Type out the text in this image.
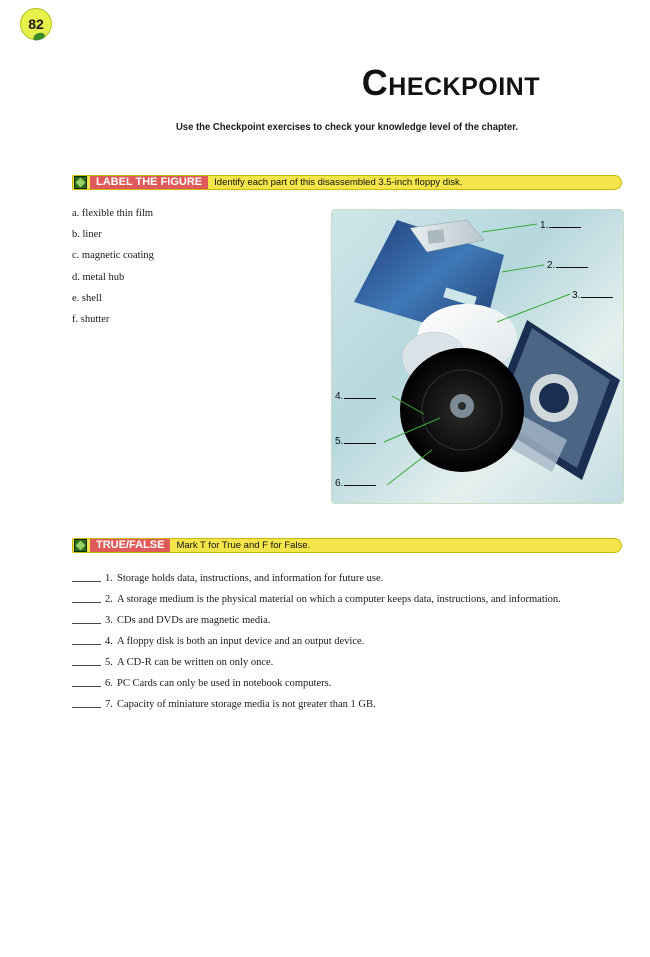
82
Checkpoint
Use the Checkpoint exercises to check your knowledge level of the chapter.
LABEL THE FIGURE	Identify each part of this disassembled 3.5-inch floppy disk.
a. flexible thin film
b. liner
c. magnetic coating
d. metal hub
e. shell
f. shutter
1.
2.
3.
4.
5.
6.
TRUE/FALSE	Mark T for True and F for False.
1. Storage holds data, instructions, and information for future use.
2. A storage medium is the physical material on which a computer keeps data, instructions, and information.
3. CDs and DVDs are magnetic media.
4. A floppy disk is both an input device and an output device.
5. A CD-R can be written on only once.
6. PC Cards can only be used in notebook computers.
7. Capacity of miniature storage media is not greater than 1 GB.
